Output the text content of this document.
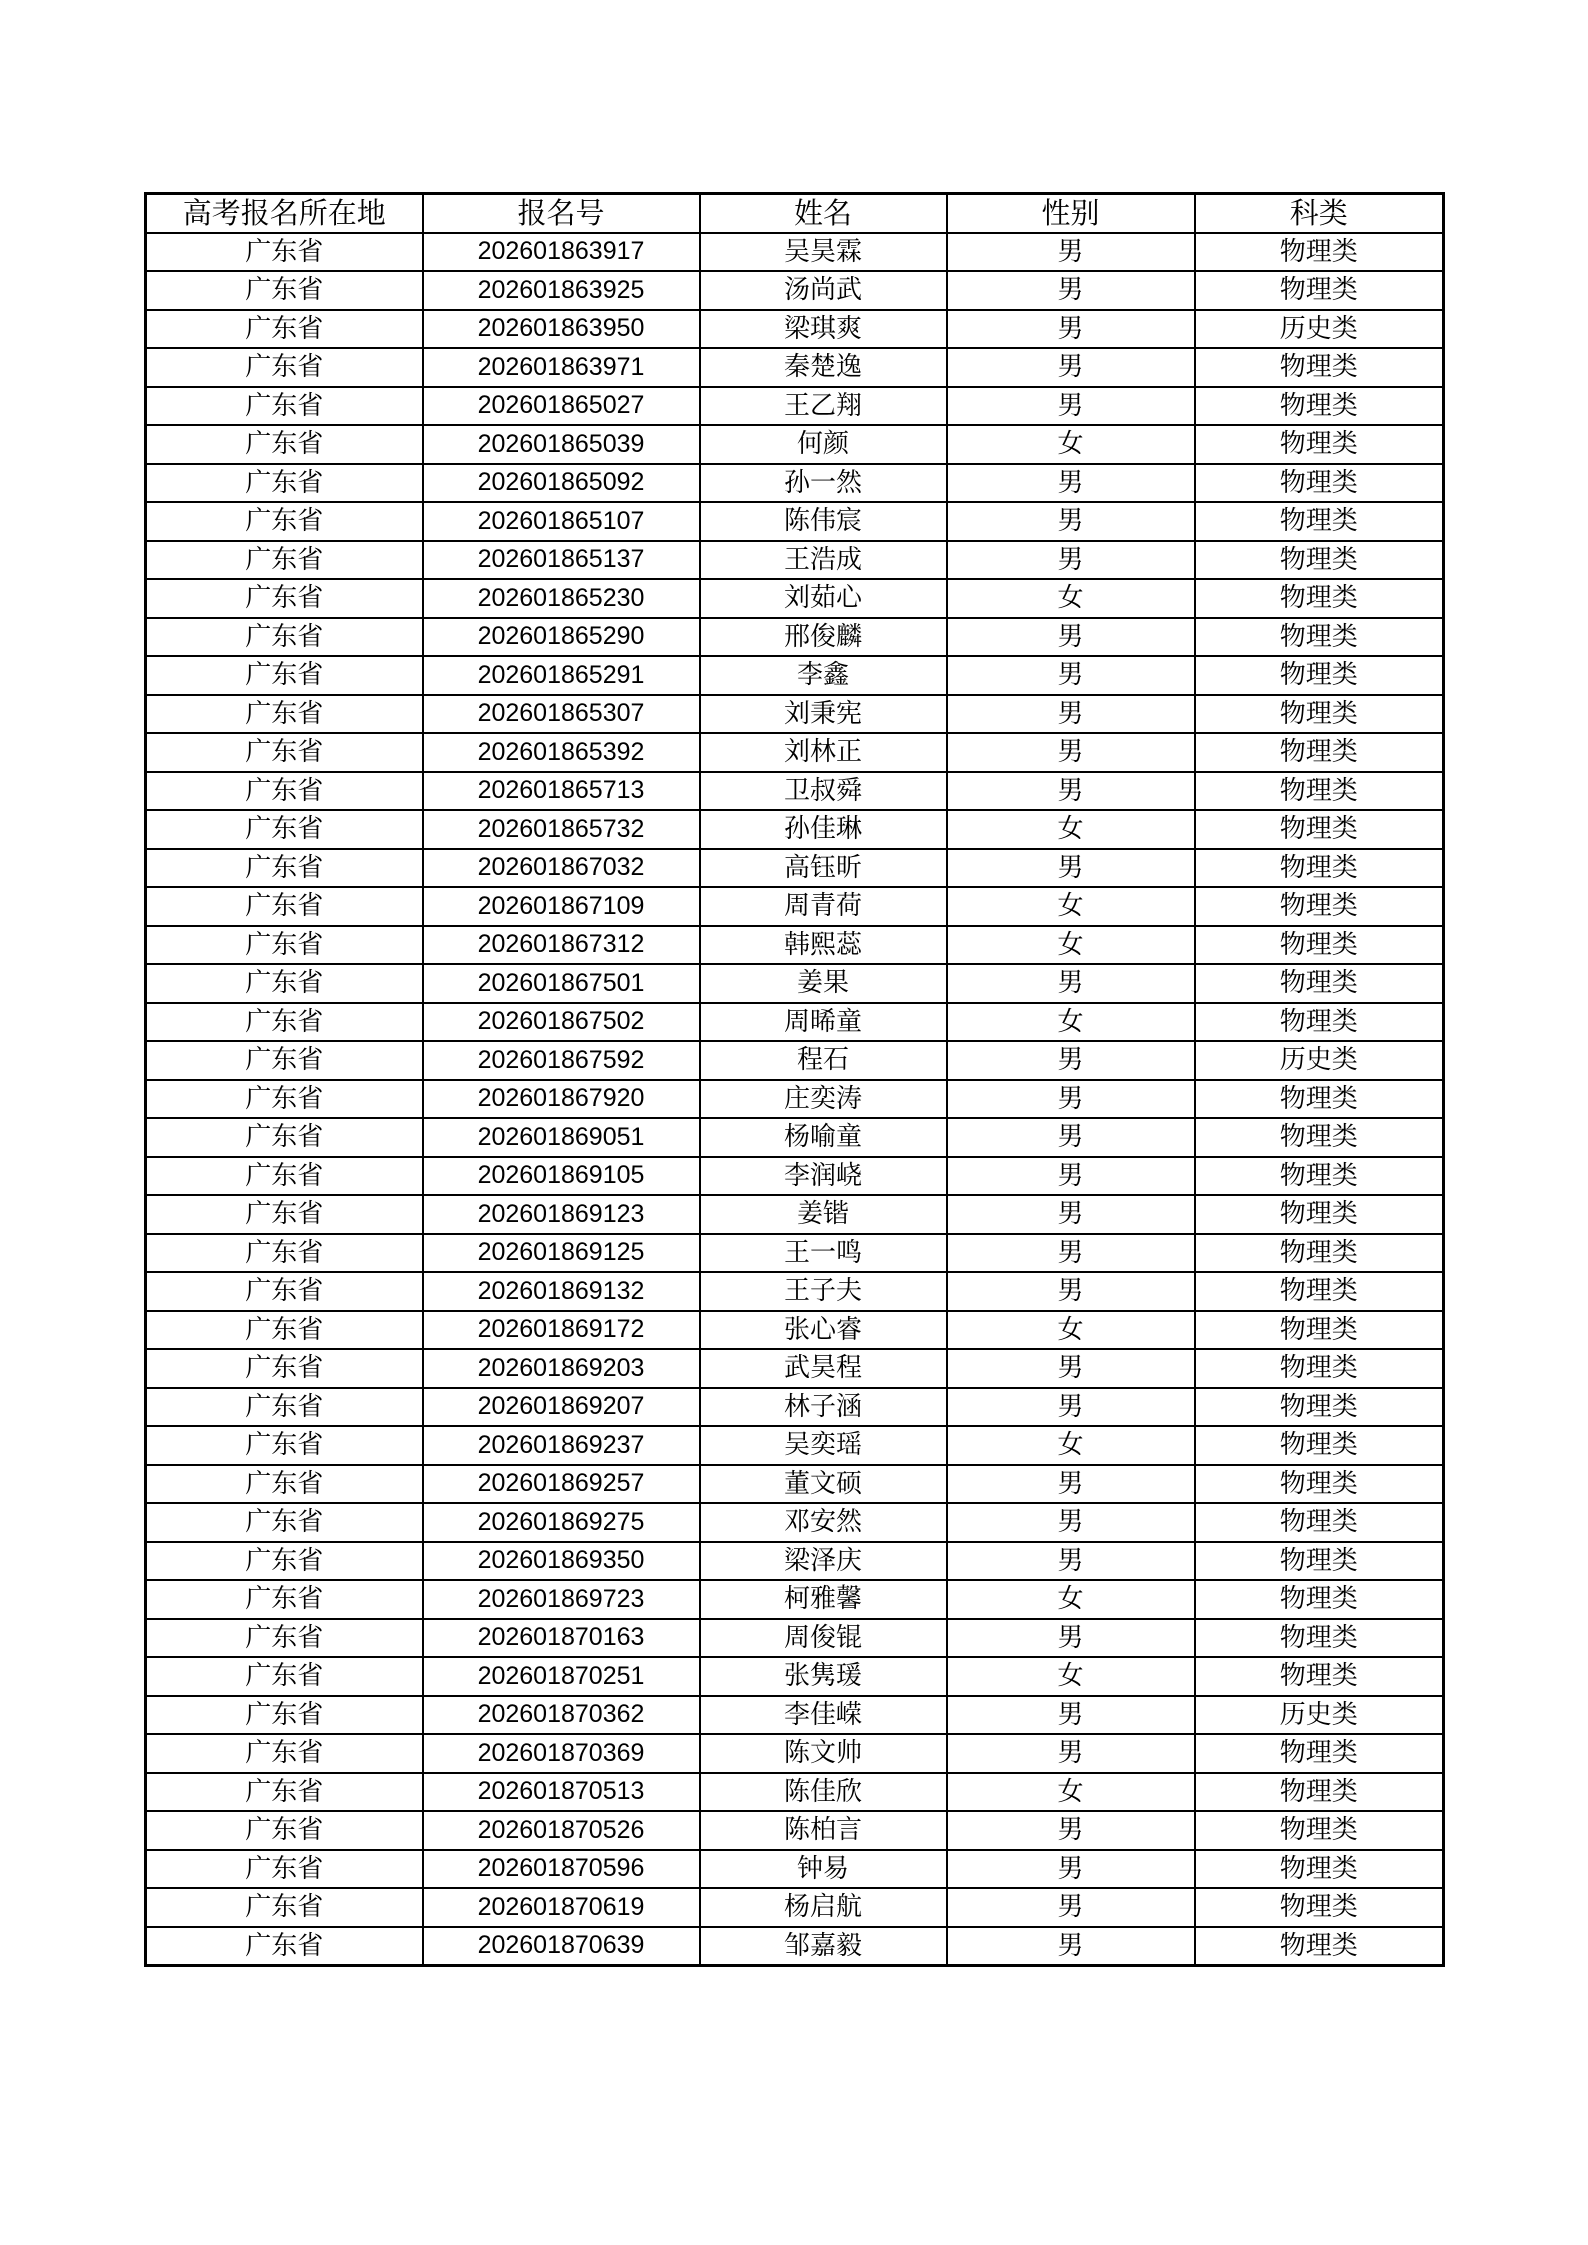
高考报名所在地	报名号	姓名	性别	科类
广东省	202601863917	吴昊霖	男	物理类
广东省	202601863925	汤尚武	男	物理类
广东省	202601863950	梁琪爽	男	历史类
广东省	202601863971	秦楚逸	男	物理类
广东省	202601865027	王乙翔	男	物理类
广东省	202601865039	何颜	女	物理类
广东省	202601865092	孙一然	男	物理类
广东省	202601865107	陈伟宸	男	物理类
广东省	202601865137	王浩成	男	物理类
广东省	202601865230	刘茹心	女	物理类
广东省	202601865290	邢俊麟	男	物理类
广东省	202601865291	李鑫	男	物理类
广东省	202601865307	刘秉宪	男	物理类
广东省	202601865392	刘林正	男	物理类
广东省	202601865713	卫叔舜	男	物理类
广东省	202601865732	孙佳琳	女	物理类
广东省	202601867032	高钰昕	男	物理类
广东省	202601867109	周青荷	女	物理类
广东省	202601867312	韩熙蕊	女	物理类
广东省	202601867501	姜果	男	物理类
广东省	202601867502	周晞童	女	物理类
广东省	202601867592	程石	男	历史类
广东省	202601867920	庄奕涛	男	物理类
广东省	202601869051	杨喻童	男	物理类
广东省	202601869105	李润峣	男	物理类
广东省	202601869123	姜锴	男	物理类
广东省	202601869125	王一鸣	男	物理类
广东省	202601869132	王子夫	男	物理类
广东省	202601869172	张心睿	女	物理类
广东省	202601869203	武昊程	男	物理类
广东省	202601869207	林子涵	男	物理类
广东省	202601869237	吴奕瑶	女	物理类
广东省	202601869257	董文硕	男	物理类
广东省	202601869275	邓安然	男	物理类
广东省	202601869350	梁泽庆	男	物理类
广东省	202601869723	柯雅馨	女	物理类
广东省	202601870163	周俊锟	男	物理类
广东省	202601870251	张隽瑗	女	物理类
广东省	202601870362	李佳嵘	男	历史类
广东省	202601870369	陈文帅	男	物理类
广东省	202601870513	陈佳欣	女	物理类
广东省	202601870526	陈柏言	男	物理类
广东省	202601870596	钟易	男	物理类
广东省	202601870619	杨启航	男	物理类
广东省	202601870639	邹嘉毅	男	物理类
